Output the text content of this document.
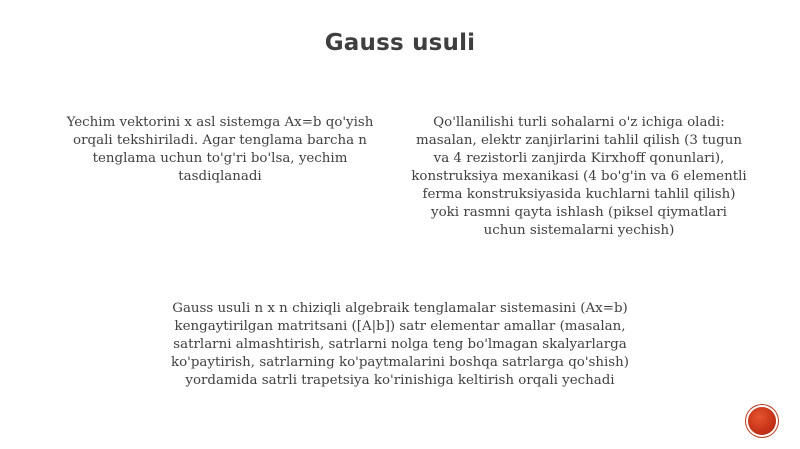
Gauss usuli

Yechim vektorini x asl sistemga Ax=b qo'yish
orqali tekshiriladi. Agar tenglama barcha n
tenglama uchun to'g'ri bo'lsa, yechim
tasdiqlanadi

Qo'llanilishi turli sohalarni o'z ichiga oladi:
masalan, elektr zanjirlarini tahlil qilish (3 tugun
va 4 rezistorli zanjirda Kirxhoff qonunlari),
konstruksiya mexanikasi (4 bo'g'in va 6 elementli
ferma konstruksiyasida kuchlarni tahlil qilish)
yoki rasmni qayta ishlash (piksel qiymatlari
uchun sistemalarni yechish)

Gauss usuli n x n chiziqli algebraik tenglamalar sistemasini (Ax=b)
kengaytirilgan matritsani ([A|b]) satr elementar amallar (masalan,
satrlarni almashtirish, satrlarni nolga teng bo'lmagan skalyarlarga
ko'paytirish, satrlarning ko'paytmalarini boshqa satrlarga qo'shish)
yordamida satrli trapetsiya ko'rinishiga keltirish orqali yechadi
